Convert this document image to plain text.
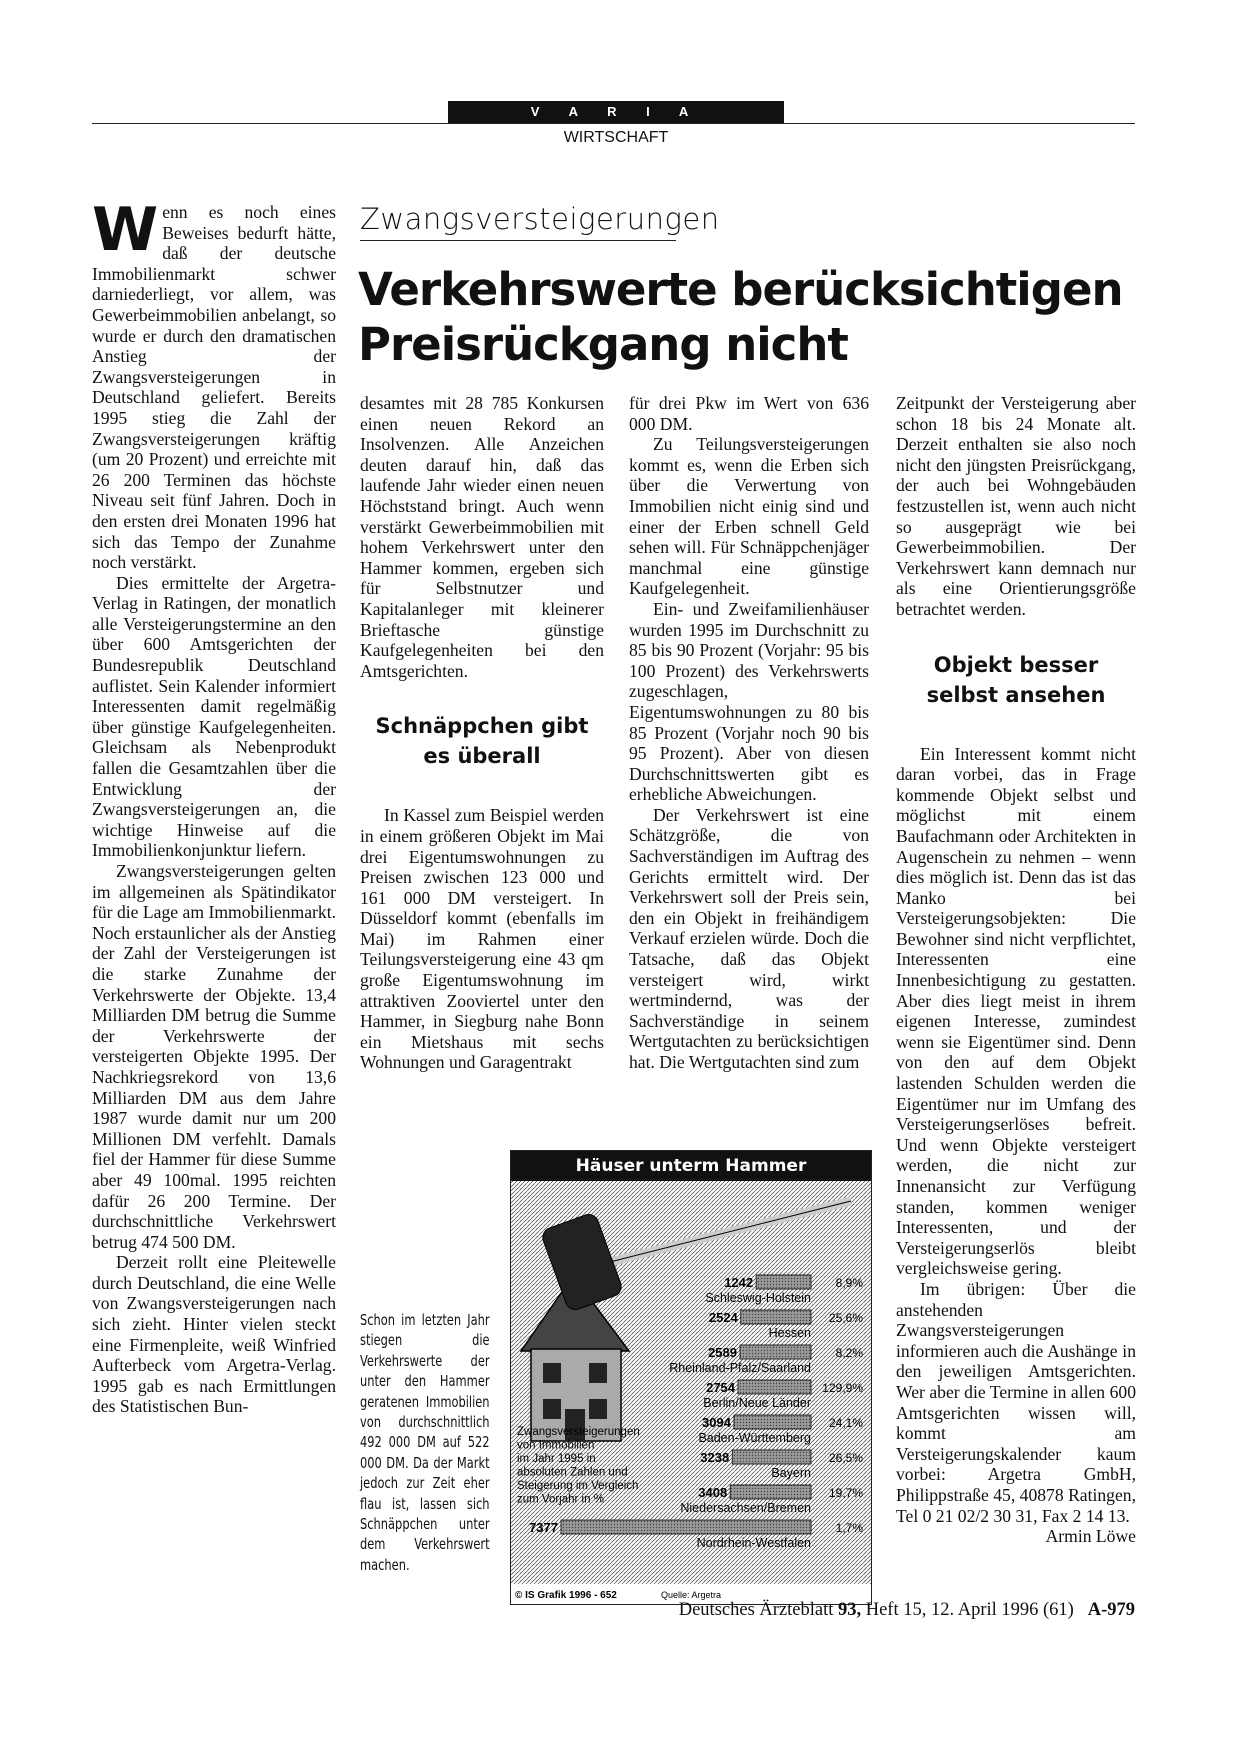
V A R I A
WIRTSCHAFT
Zwangsversteigerungen
Verkehrswerte berücksichtigen Preisrückgang nicht

Wenn es noch eines Beweises bedurft hätte, daß der deutsche Immobilienmarkt schwer darniederliegt, vor allem, was Gewerbeimmobilien anbelangt, so wurde er durch den dramatischen Anstieg der Zwangsversteigerungen in Deutschland geliefert. Bereits 1995 stieg die Zahl der Zwangsversteigerungen kräftig (um 20 Prozent) und erreichte mit 26 200 Terminen das höchste Niveau seit fünf Jahren. Doch in den ersten drei Monaten 1996 hat sich das Tempo der Zunahme noch verstärkt.

Dies ermittelte der Argetra-Verlag in Ratingen, der monatlich alle Versteigerungstermine an den über 600 Amtsgerichten der Bundesrepublik Deutschland auflistet. Sein Kalender informiert Interessenten damit regelmäßig über günstige Kaufgelegenheiten. Gleichsam als Nebenprodukt fallen die Gesamtzahlen über die Entwicklung der Zwangsversteigerungen an, die wichtige Hinweise auf die Immobilienkonjunktur liefern.

Zwangsversteigerungen gelten im allgemeinen als Spätindikator für die Lage am Immobilienmarkt. Noch erstaunlicher als der Anstieg der Zahl der Versteigerungen ist die starke Zunahme der Verkehrswerte der Objekte. 13,4 Milliarden DM betrug die Summe der Verkehrswerte der versteigerten Objekte 1995. Der Nachkriegsrekord von 13,6 Milliarden DM aus dem Jahre 1987 wurde damit nur um 200 Millionen DM verfehlt. Damals fiel der Hammer für diese Summe aber 49 100mal. 1995 reichten dafür 26 200 Termine. Der durchschnittliche Verkehrswert betrug 474 500 DM.

Derzeit rollt eine Pleitewelle durch Deutschland, die eine Welle von Zwangsversteigerungen nach sich zieht. Hinter vielen steckt eine Firmenpleite, weiß Winfried Aufterbeck vom Argetra-Verlag. 1995 gab es nach Ermittlungen des Statistischen Bun-

desamtes mit 28 785 Konkursen einen neuen Rekord an Insolvenzen. Alle Anzeichen deuten darauf hin, daß das laufende Jahr wieder einen neuen Höchststand bringt. Auch wenn verstärkt Gewerbeimmobilien mit hohem Verkehrswert unter den Hammer kommen, ergeben sich für Selbstnutzer und Kapitalanleger mit kleinerer Brieftasche günstige Kaufgelegenheiten bei den Amtsgerichten.

Schnäppchen gibt es überall

In Kassel zum Beispiel werden in einem größeren Objekt im Mai drei Eigentumswohnungen zu Preisen zwischen 123 000 und 161 000 DM versteigert. In Düsseldorf kommt (ebenfalls im Mai) im Rahmen einer Teilungsversteigerung eine 43 qm große Eigentumswohnung im attraktiven Zooviertel unter den Hammer, in Siegburg nahe Bonn ein Mietshaus mit sechs Wohnungen und Garagentrakt

für drei Pkw im Wert von 636 000 DM.

Zu Teilungsversteigerungen kommt es, wenn die Erben sich über die Verwertung von Immobilien nicht einig sind und einer der Erben schnell Geld sehen will. Für Schnäppchenjäger manchmal eine günstige Kaufgelegenheit.

Ein- und Zweifamilienhäuser wurden 1995 im Durchschnitt zu 85 bis 90 Prozent (Vorjahr: 95 bis 100 Prozent) des Verkehrswerts zugeschlagen, Eigentumswohnungen zu 80 bis 85 Prozent (Vorjahr noch 90 bis 95 Prozent). Aber von diesen Durchschnittswerten gibt es erhebliche Abweichungen.

Der Verkehrswert ist eine Schätzgröße, die von Sachverständigen im Auftrag des Gerichts ermittelt wird. Der Verkehrswert soll der Preis sein, den ein Objekt in freihändigem Verkauf erzielen würde. Doch die Tatsache, daß das Objekt versteigert wird, wirkt wertmindernd, was der Sachverständige in seinem Wertgutachten zu berücksichtigen hat. Die Wertgutachten sind zum

Zeitpunkt der Versteigerung aber schon 18 bis 24 Monate alt. Derzeit enthalten sie also noch nicht den jüngsten Preisrückgang, der auch bei Wohngebäuden festzustellen ist, wenn auch nicht so ausgeprägt wie bei Gewerbeimmobilien. Der Verkehrswert kann demnach nur als eine Orientierungsgröße betrachtet werden.

Objekt besser selbst ansehen

Ein Interessent kommt nicht daran vorbei, das in Frage kommende Objekt selbst und möglichst mit einem Baufachmann oder Architekten in Augenschein zu nehmen – wenn dies möglich ist. Denn das ist das Manko bei Versteigerungsobjekten: Die Bewohner sind nicht verpflichtet, Interessenten eine Innenbesichtigung zu gestatten. Aber dies liegt meist in ihrem eigenen Interesse, zumindest wenn sie Eigentümer sind. Denn von den auf dem Objekt lastenden Schulden werden die Eigentümer nur im Umfang des Versteigerungserlöses befreit. Und wenn Objekte versteigert werden, die nicht zur Innenansicht zur Verfügung standen, kommen weniger Interessenten, und der Versteigerungserlös bleibt vergleichsweise gering.

Im übrigen: Über die anstehenden Zwangsversteigerungen informieren auch die Aushänge in den jeweiligen Amtsgerichten. Wer aber die Termine in allen 600 Amtsgerichten wissen will, kommt am Versteigerungskalender kaum vorbei: Argetra GmbH, Philippstraße 45, 40878 Ratingen, Tel 0 21 02/2 30 31, Fax 2 14 13.

Armin Löwe

Schon im letzten Jahr stiegen die Verkehrswerte der unter den Hammer geratenen Immobilien von durchschnittlich 492 000 DM auf 522 000 DM. Da der Markt jedoch zur Zeit eher flau ist, lassen sich Schnäppchen unter dem Verkehrswert machen.
Häuser unterm Hammer
Zwangsversteigerungen
von Immobilien
im Jahr 1995 in
absoluten Zahlen und
Steigerung im Vergleich
zum Vorjahr in %
1242	8,9%
Schleswig-Holstein
2524	25,6%
Hessen
2589	8,2%
Rheinland-Pfalz/Saarland
2754	129,9%
Berlin/Neue Länder
3094	24,1%
Baden-Württemberg
3238	26,5%
Bayern
3408	19,7%
Niedersachsen/Bremen
7377	1,7%
Nordrhein-Westfalen
© IS Grafik 1996 - 652	Quelle: Argetra
Deutsches Ärzteblatt 93, Heft 15, 12. April 1996 (61) A-979
